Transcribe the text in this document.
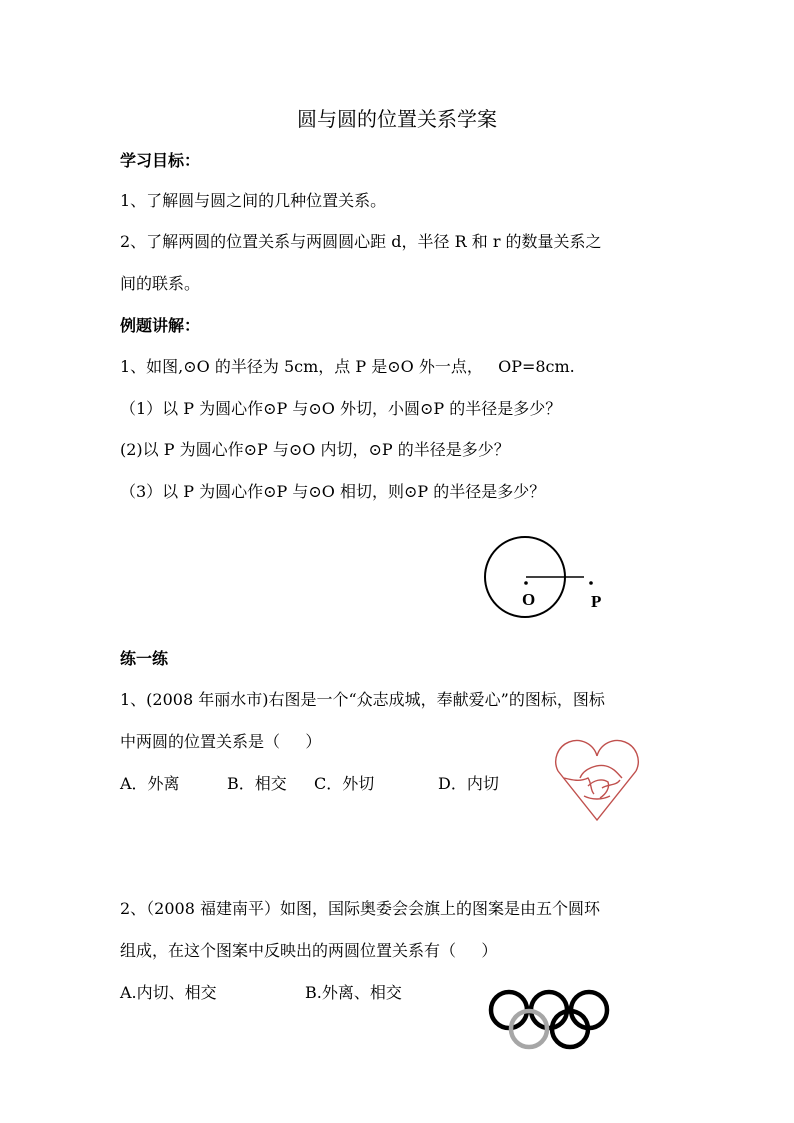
圆与圆的位置关系学案
学习目标：
1、了解圆与圆之间的几种位置关系。
2、了解两圆的位置关系与两圆圆心距 d，半径 R 和 r 的数量关系之
间的联系。
例题讲解：
1、如图,⊙O 的半径为 5cm，点 P 是⊙O 外一点，   OP=8cm.
（1）以 P 为圆心作⊙P 与⊙O 外切，小圆⊙P 的半径是多少？
(2)以 P 为圆心作⊙P 与⊙O 内切，⊙P 的半径是多少？
（3）以 P 为圆心作⊙P 与⊙O 相切，则⊙P 的半径是多少？
O	P
练一练
1、(2008 年丽水市)右图是一个“众志成城，奉献爱心”的图标，图标
中两圆的位置关系是（     ）
A．外离	B．相交 C．外切	D．内切
2、（2008 福建南平）如图，国际奥委会会旗上的图案是由五个圆环
组成，在这个图案中反映出的两圆位置关系有（     ）
A.内切、相交	B.外离、相交
